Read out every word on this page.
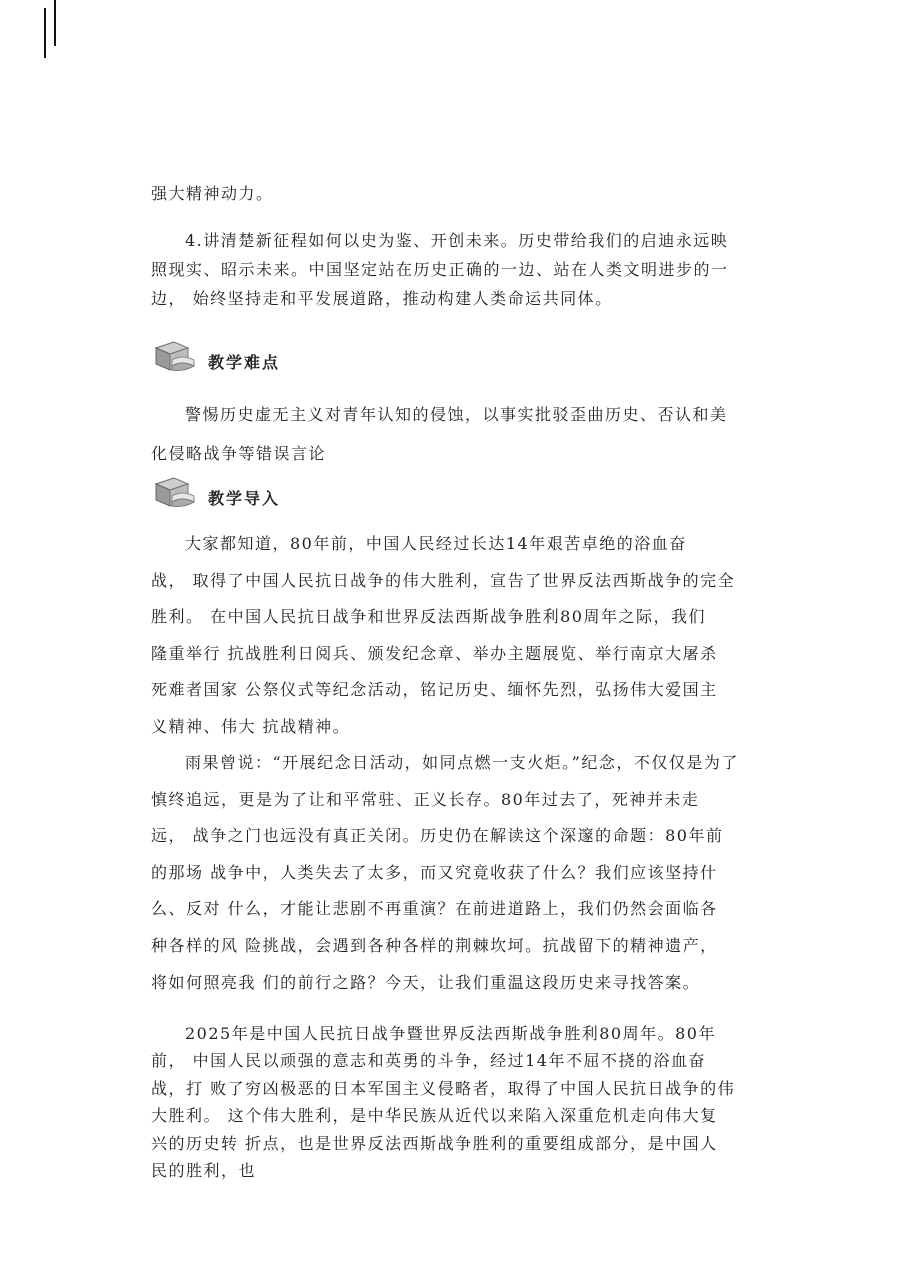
强大精神动力。

4.讲清楚新征程如何以史为鉴、开创未来。历史带给我们的启迪永远映
照现实、昭示未来。中国坚定站在历史正确的一边、站在人类文明进步的一
边， 始终坚持走和平发展道路，推动构建人类命运共同体。

教学难点

警惕历史虚无主义对青年认知的侵蚀，以事实批驳歪曲历史、否认和美
化侵略战争等错误言论

教学导入

大家都知道，80年前，中国人民经过长达14年艰苦卓绝的浴血奋
战， 取得了中国人民抗日战争的伟大胜利，宣告了世界反法西斯战争的完全
胜利。 在中国人民抗日战争和世界反法西斯战争胜利80周年之际，我们
隆重举行 抗战胜利日阅兵、颁发纪念章、举办主题展览、举行南京大屠杀
死难者国家 公祭仪式等纪念活动，铭记历史、缅怀先烈，弘扬伟大爱国主
义精神、伟大 抗战精神。

雨果曾说：“开展纪念日活动，如同点燃一支火炬。”纪念，不仅仅是为了
慎终追远，更是为了让和平常驻、正义长存。80年过去了，死神并未走
远， 战争之门也远没有真正关闭。历史仍在解读这个深邃的命题：80年前
的那场 战争中，人类失去了太多，而又究竟收获了什么？我们应该坚持什
么、反对 什么，才能让悲剧不再重演？在前进道路上，我们仍然会面临各
种各样的风 险挑战，会遇到各种各样的荆棘坎坷。抗战留下的精神遗产，
将如何照亮我 们的前行之路？今天，让我们重温这段历史来寻找答案。

2025年是中国人民抗日战争暨世界反法西斯战争胜利80周年。80年
前， 中国人民以顽强的意志和英勇的斗争，经过14年不屈不挠的浴血奋
战，打 败了穷凶极恶的日本军国主义侵略者，取得了中国人民抗日战争的伟
大胜利。 这个伟大胜利，是中华民族从近代以来陷入深重危机走向伟大复
兴的历史转 折点，也是世界反法西斯战争胜利的重要组成部分，是中国人
民的胜利，也
